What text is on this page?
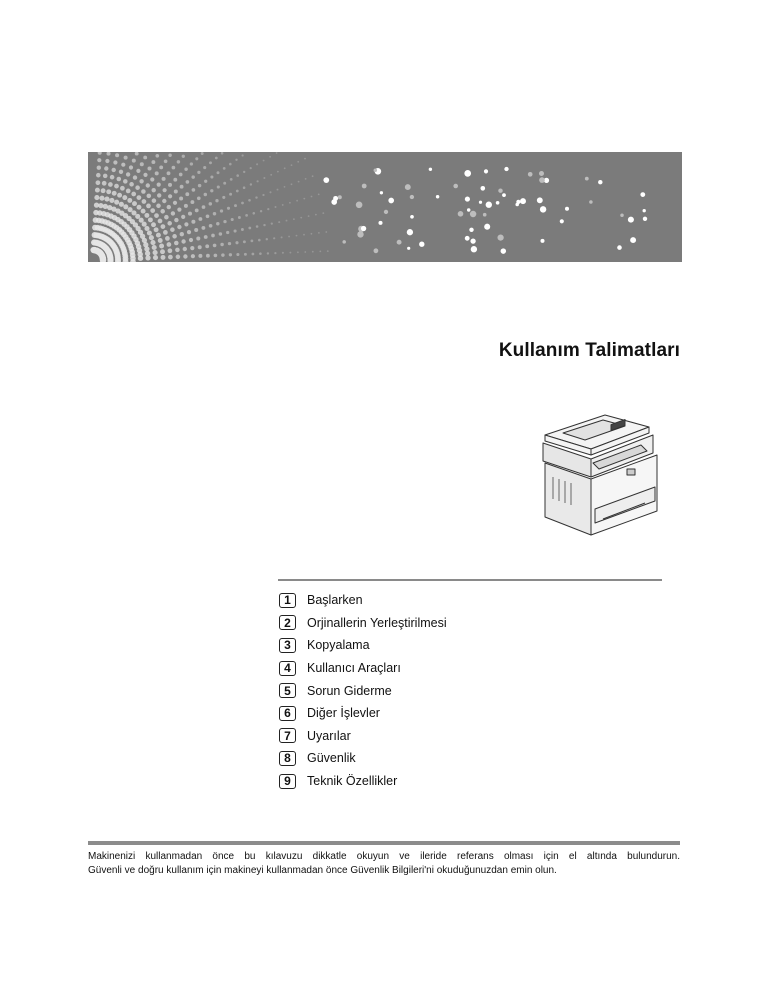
Kullanım Talimatları
1	Başlarken
2	Orjinallerin Yerleştirilmesi
3	Kopyalama
4	Kullanıcı Araçları
5	Sorun Giderme
6	Diğer İşlevler
7	Uyarılar
8	Güvenlik
9	Teknik Özellikler

Makinenizi kullanmadan önce bu kılavuzu dikkatle okuyun ve ileride referans olması için el altında bulundurun.

Güvenli ve doğru kullanım için makineyi kullanmadan önce Güvenlik Bilgileri'ni okuduğunuzdan emin olun.
